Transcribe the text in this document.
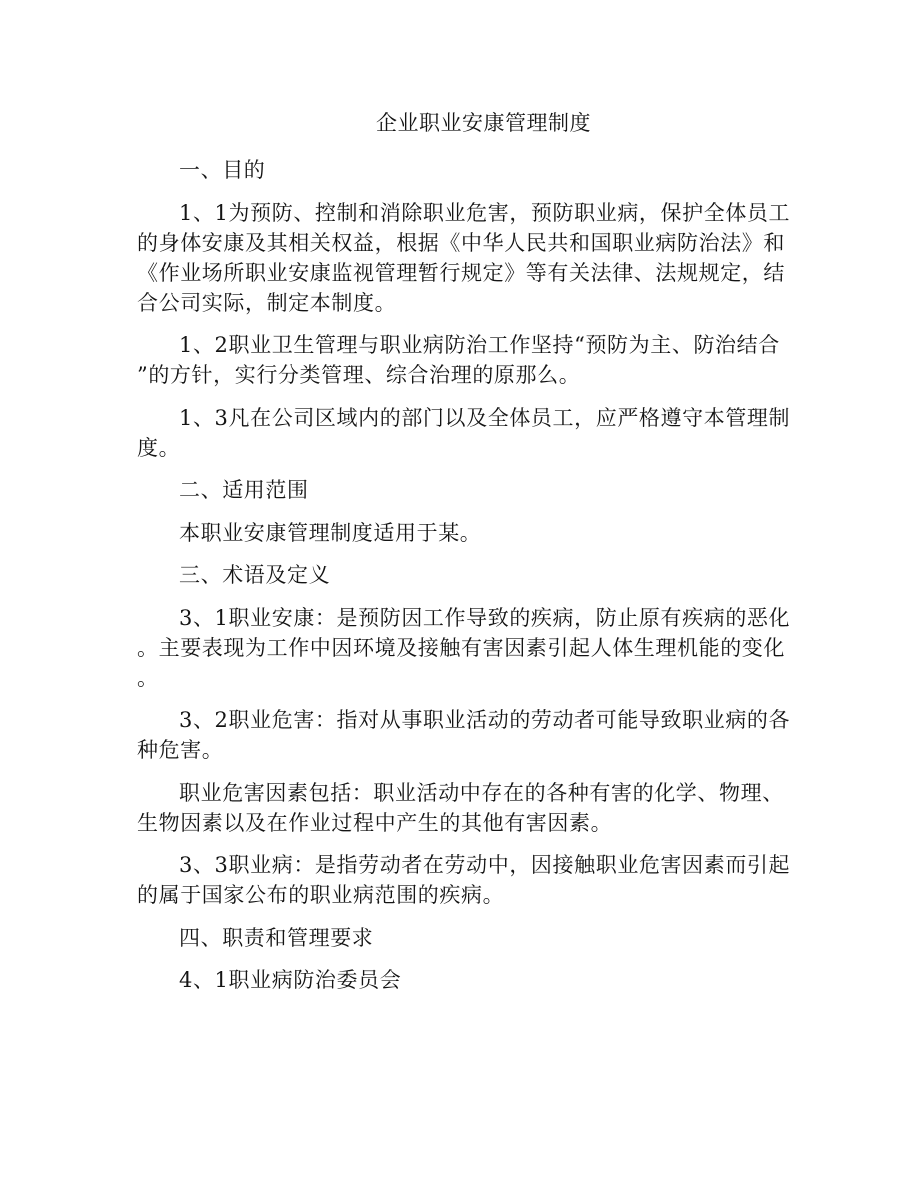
企业职业安康管理制度

一、目的

1、1为预防、控制和消除职业危害，预防职业病，保护全体员工
的身体安康及其相关权益，根据《中华人民共和国职业病防治法》和
《作业场所职业安康监视管理暂行规定》等有关法律、法规规定，结
合公司实际，制定本制度。

1、2职业卫生管理与职业病防治工作坚持“预防为主、防治结合
”的方针，实行分类管理、综合治理的原那么。

1、3凡在公司区域内的部门以及全体员工，应严格遵守本管理制
度。

二、适用范围

本职业安康管理制度适用于某。

三、术语及定义

3、1职业安康：是预防因工作导致的疾病，防止原有疾病的恶化
。主要表现为工作中因环境及接触有害因素引起人体生理机能的变化
。

3、2职业危害：指对从事职业活动的劳动者可能导致职业病的各
种危害。

职业危害因素包括：职业活动中存在的各种有害的化学、物理、
生物因素以及在作业过程中产生的其他有害因素。

3、3职业病：是指劳动者在劳动中，因接触职业危害因素而引起
的属于国家公布的职业病范围的疾病。

四、职责和管理要求

4、1职业病防治委员会
